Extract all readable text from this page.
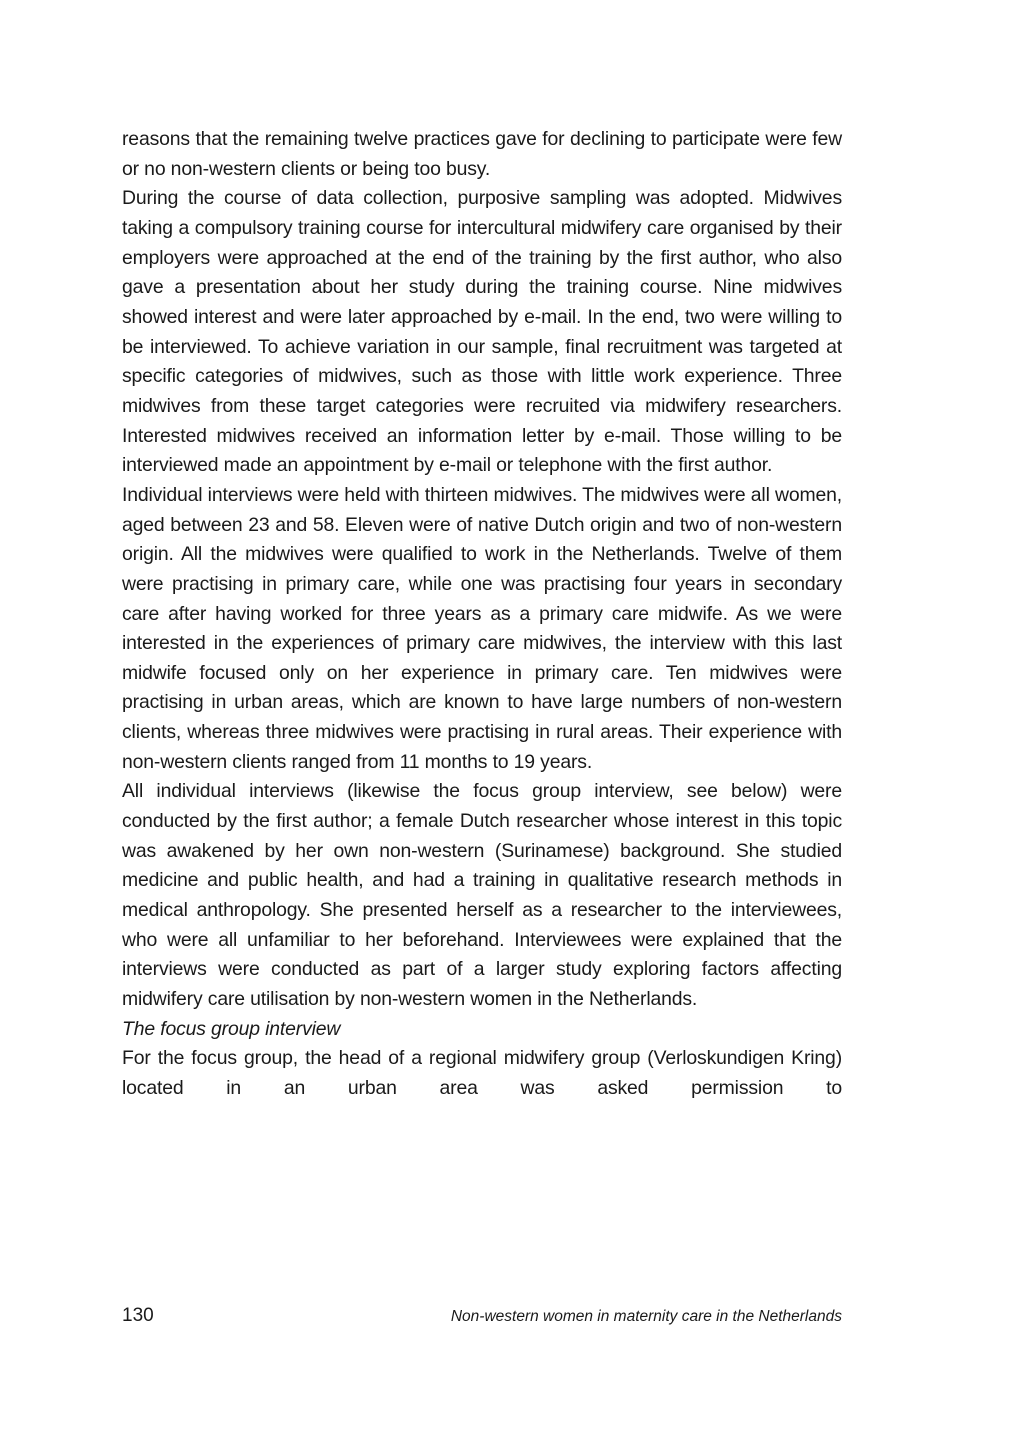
reasons that the remaining twelve practices gave for declining to participate were few or no non-western clients or being too busy.

During the course of data collection, purposive sampling was adopted. Midwives taking a compulsory training course for intercultural midwifery care organised by their employers were approached at the end of the training by the first author, who also gave a presentation about her study during the training course. Nine midwives showed interest and were later approached by e-mail. In the end, two were willing to be interviewed. To achieve variation in our sample, final recruitment was targeted at specific categories of midwives, such as those with little work experience. Three midwives from these target categories were recruited via midwifery researchers. Interested midwives received an information letter by e-mail. Those willing to be interviewed made an appointment by e-mail or telephone with the first author.

Individual interviews were held with thirteen midwives. The midwives were all women, aged between 23 and 58. Eleven were of native Dutch origin and two of non-western origin. All the midwives were qualified to work in the Netherlands. Twelve of them were practising in primary care, while one was practising four years in secondary care after having worked for three years as a primary care midwife. As we were interested in the experiences of primary care midwives, the interview with this last midwife focused only on her experience in primary care. Ten midwives were practising in urban areas, which are known to have large numbers of non-western clients, whereas three midwives were practising in rural areas. Their experience with non-western clients ranged from 11 months to 19 years.

All individual interviews (likewise the focus group interview, see below) were conducted by the first author; a female Dutch researcher whose interest in this topic was awakened by her own non-western (Surinamese) background. She studied medicine and public health, and had a training in qualitative research methods in medical anthropology. She presented herself as a researcher to the interviewees, who were all unfamiliar to her beforehand. Interviewees were explained that the interviews were conducted as part of a larger study exploring factors affecting midwifery care utilisation by non-western women in the Netherlands.

The focus group interview

For the focus group, the head of a regional midwifery group (Verloskundigen Kring) located in an urban area was asked permission to

130	Non-western women in maternity care in the Netherlands
